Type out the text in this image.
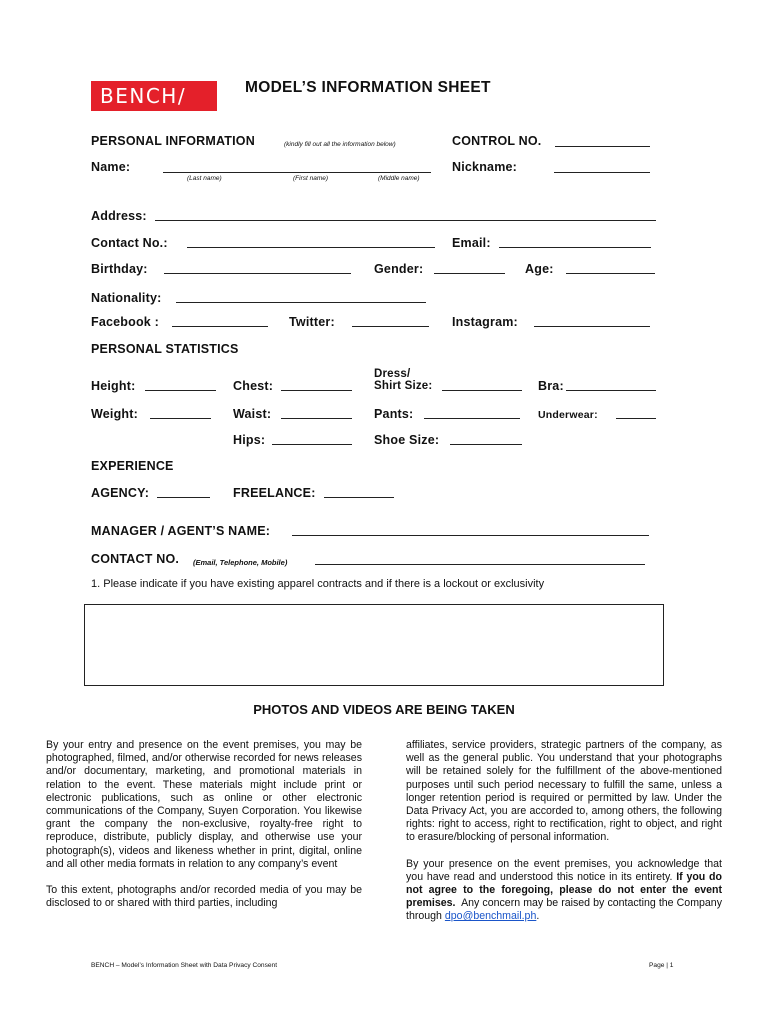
BENCH/	MODEL’S INFORMATION SHEET
PERSONAL INFORMATION	(kindly fill out all the information below)	CONTROL NO.
Name:
(Last name)	(First name)	(Middle name)
Nickname:
Address:
Contact No.:	Email:
Birthday:	Gender:	Age:
Nationality:
Facebook :	Twitter:	Instagram:
PERSONAL STATISTICS
Dress/
Height:	Chest:	Shirt Size:	Bra:
Weight:	Waist:	Pants:	Underwear:
Hips:	Shoe Size:
EXPERIENCE
AGENCY:	FREELANCE:
MANAGER / AGENT’S NAME:
CONTACT NO. (Email, Telephone, Mobile)
1. Please indicate if you have existing apparel contracts and if there is a lockout or exclusivity
PHOTOS AND VIDEOS ARE BEING TAKEN

By your entry and presence on the event premises, you may be photographed, filmed, and/or otherwise recorded for news releases and/or documentary, marketing, and promotional materials in relation to the event. These materials might include print or electronic publications, such as online or other electronic communications of the Company, Suyen Corporation. You likewise grant the company the non-exclusive, royalty-free right to reproduce, distribute, publicly display, and otherwise use your photograph(s), videos and likeness whether in print, digital, online and all other media formats in relation to any company’s event

To this extent, photographs and/or recorded media of you may be disclosed to or shared with third parties, including

affiliates, service providers, strategic partners of the company, as well as the general public. You understand that your photographs will be retained solely for the fulfillment of the above-mentioned purposes until such period necessary to fulfill the same, unless a longer retention period is required or permitted by law. Under the Data Privacy Act, you are accorded to, among others, the following rights: right to access, right to rectification, right to object, and right to erasure/blocking of personal information.

By your presence on the event premises, you acknowledge that you have read and understood this notice in its entirety. If you do not agree to the foregoing, please do not enter the event premises. Any concern may be raised by contacting the Company through dpo@benchmail.ph.

BENCH – Model’s Information Sheet with Data Privacy Consent	Page | 1
